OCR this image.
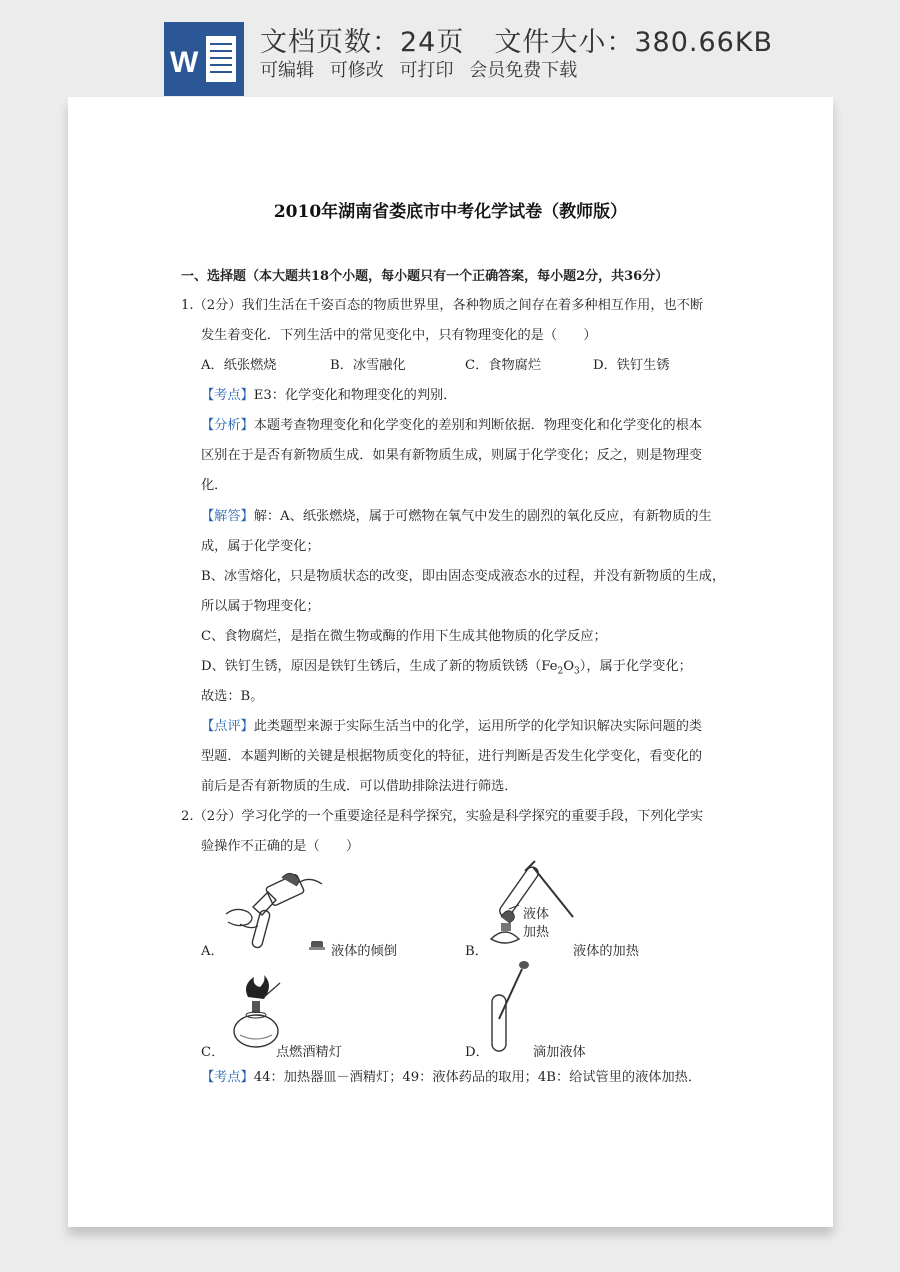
W
文档页数：24页 文件大小：380.66KB
可编辑 可修改 可打印 会员免费下载
2010年湖南省娄底市中考化学试卷（教师版）
一、选择题（本大题共18个小题，每小题只有一个正确答案，每小题2分，共36分）
1.（2分）我们生活在千姿百态的物质世界里，各种物质之间存在着多种相互作用，也不断
发生着变化．下列生活中的常见变化中，只有物理变化的是（　　）
A．纸张燃烧	B．冰雪融化	C．食物腐烂	D．铁钉生锈
【考点】E3：化学变化和物理变化的判别．
【分析】本题考查物理变化和化学变化的差别和判断依据．物理变化和化学变化的根本
区别在于是否有新物质生成．如果有新物质生成，则属于化学变化；反之，则是物理变
化．
【解答】解：A、纸张燃烧，属于可燃物在氧气中发生的剧烈的氧化反应，有新物质的生
成，属于化学变化；
B、冰雪熔化，只是物质状态的改变，即由固态变成液态水的过程，并没有新物质的生成，
所以属于物理变化；
C、食物腐烂，是指在微生物或酶的作用下生成其他物质的化学反应；
D、铁钉生锈，原因是铁钉生锈后，生成了新的物质铁锈$(Fe_2O_3)$，属于化学变化；
故选：B。
【点评】此类题型来源于实际生活当中的化学，运用所学的化学知识解决实际问题的类
型题．本题判断的关键是根据物质变化的特征，进行判断是否发生化学变化，看变化的
前后是否有新物质的生成．可以借助排除法进行筛选．
2.（2分）学习化学的一个重要途径是科学探究，实验是科学探究的重要手段，下列化学实
验操作不正确的是（　　）
A．	液体的倾倒
液体
加热
B．	液体的加热
C．	点燃酒精灯	D．	滴加液体
【考点】44：加热器皿－酒精灯；49：液体药品的取用；4B：给试管里的液体加热．
